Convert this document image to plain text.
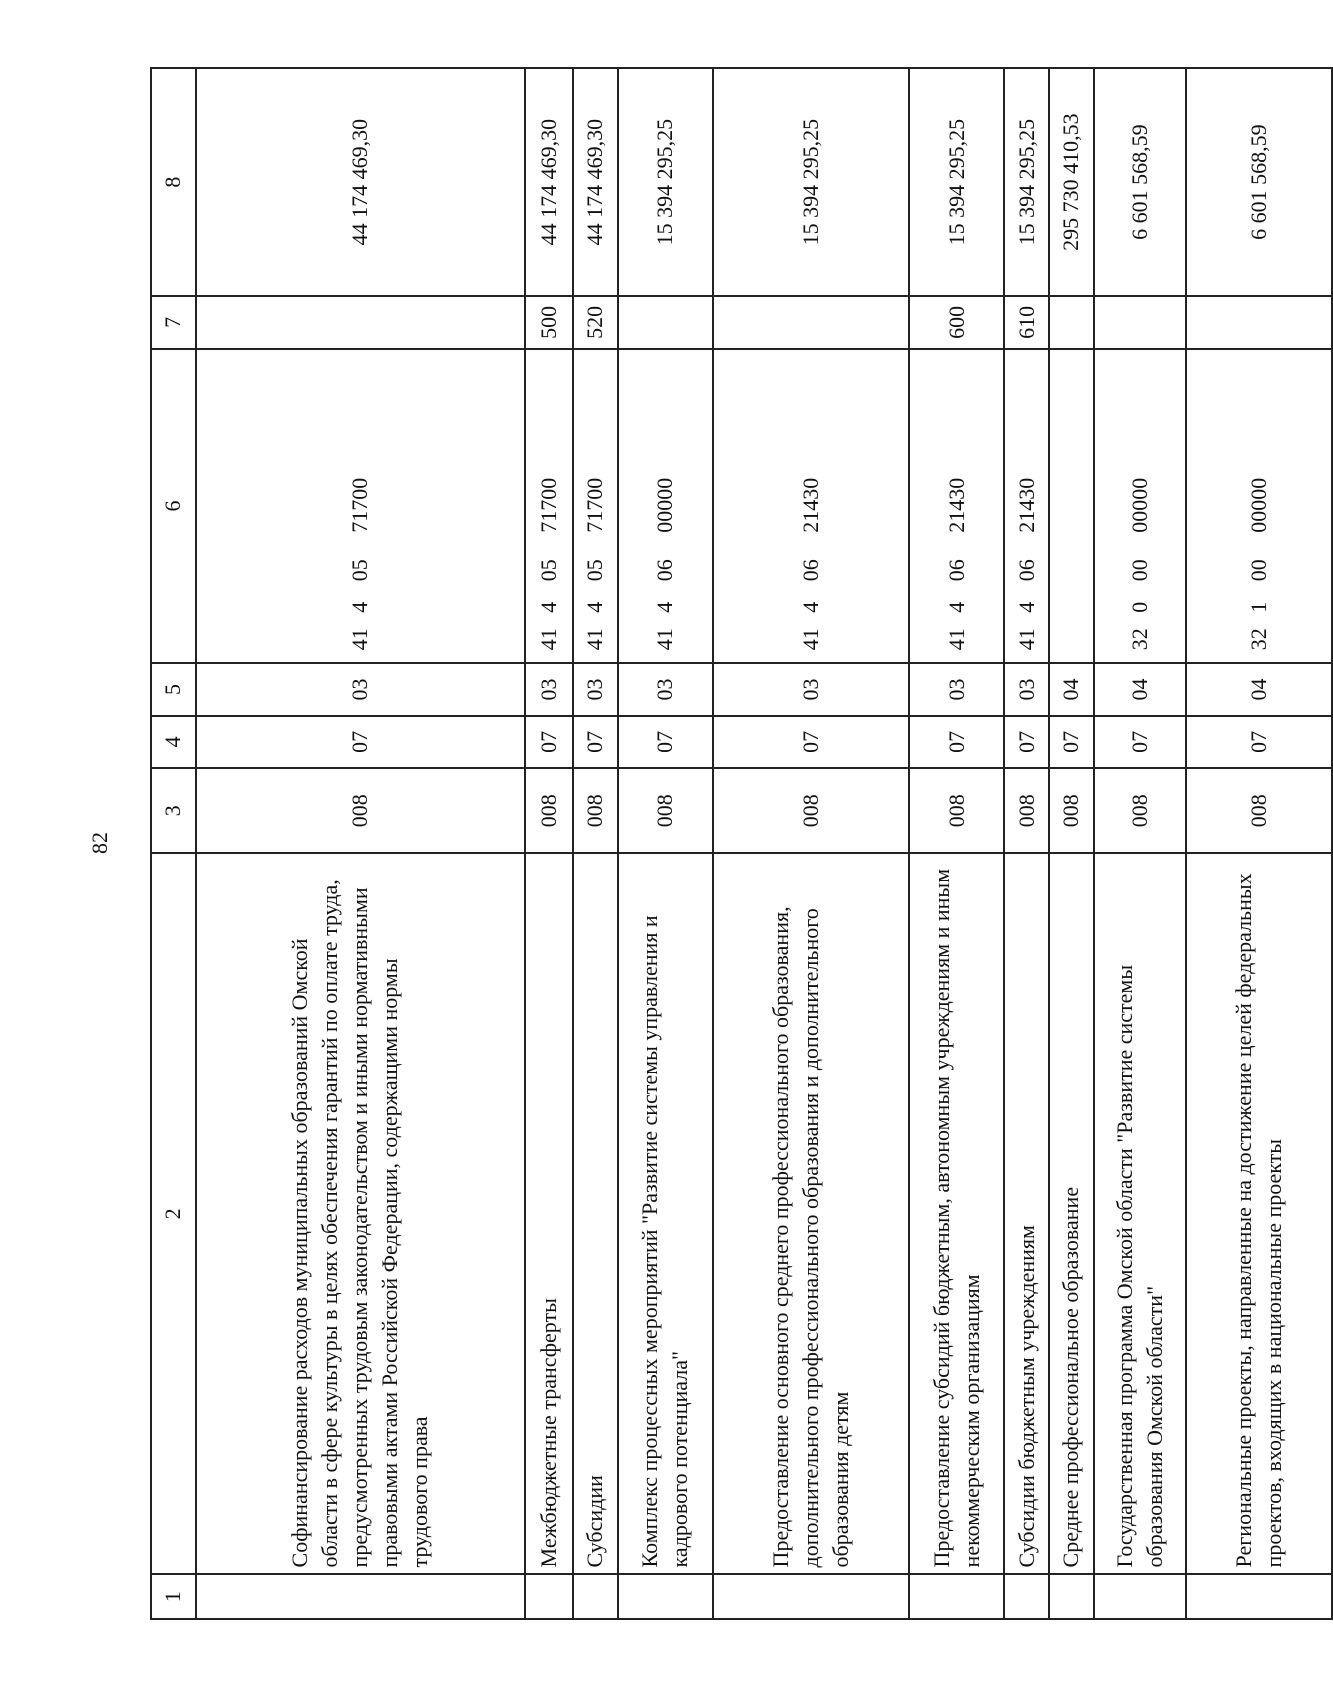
82
1	2	3	4	5	6	7	8
	Софинансирование расходов муниципальных образований Омской области в сфере культуры в целях обеспечения гарантий по оплате труда, предусмотренных трудовым законодательством и иными нормативными правовыми актами Российской Федерации, содержащими нормы трудового права	008	07	03	4140571700		44 174 469,30
	Межбюджетные трансферты	008	07	03	4140571700	500	44 174 469,30
	Субсидии	008	07	03	4140571700	520	44 174 469,30
	Комплекс процессных мероприятий "Развитие системы управления и кадрового потенциала"	008	07	03	4140600000		15 394 295,25
	Предоставление основного среднего профессионального образования, дополнительного профессионального образования и дополнительного образования детям	008	07	03	4140621430		15 394 295,25
	Предоставление субсидий бюджетным, автономным учреждениям и иным некоммерческим организациям	008	07	03	4140621430	600	15 394 295,25
	Субсидии бюджетным учреждениям	008	07	03	4140621430	610	15 394 295,25
	Среднее профессиональное образование	008	07	04			295 730 410,53
	Государственная программа Омской области "Развитие системы образования Омской области"	008	07	04	3200000000		6 601 568,59
	Региональные проекты, направленные на достижение целей федеральных проектов, входящих в национальные проекты	008	07	04	3210000000		6 601 568,59
